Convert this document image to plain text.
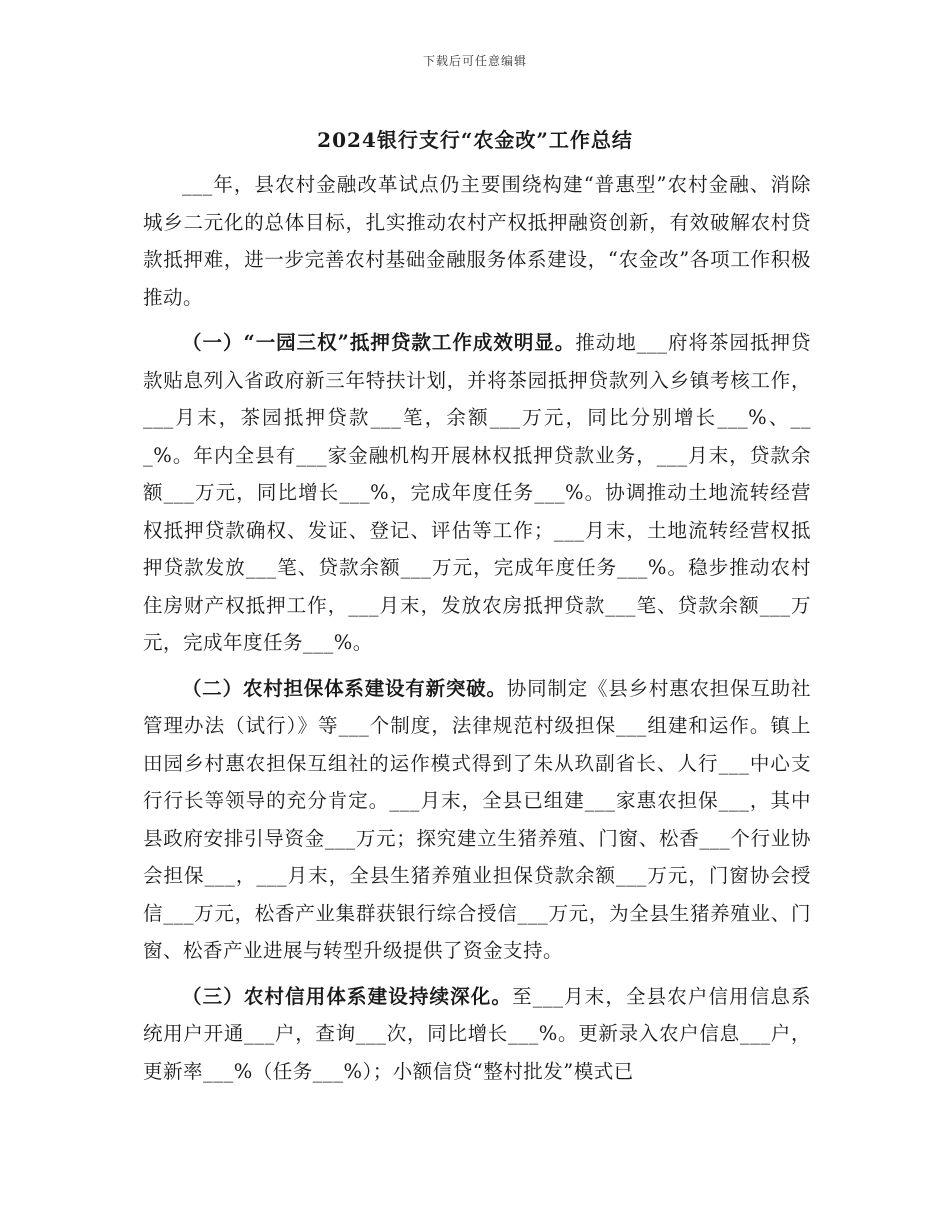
下载后可任意编辑
2024银行支行“农金改”工作总结

___年，县农村金融改革试点仍主要围绕构建“普惠型”农村金融、消除城乡二元化的总体目标，扎实推动农村产权抵押融资创新，有效破解农村贷款抵押难，进一步完善农村基础金融服务体系建设，“农金改”各项工作积极推动。

（一）“一园三权”抵押贷款工作成效明显。推动地___府将茶园抵押贷款贴息列入省政府新三年特扶计划，并将茶园抵押贷款列入乡镇考核工作，___月末，茶园抵押贷款___笔，余额___万元，同比分别增长___%、___%。年内全县有___家金融机构开展林权抵押贷款业务，___月末，贷款余额___万元，同比增长___%，完成年度任务___%。协调推动土地流转经营权抵押贷款确权、发证、登记、评估等工作；___月末，土地流转经营权抵押贷款发放___笔、贷款余额___万元，完成年度任务___%。稳步推动农村住房财产权抵押工作，___月末，发放农房抵押贷款___笔、贷款余额___万元，完成年度任务___%。

（二）农村担保体系建设有新突破。协同制定《县乡村惠农担保互助社管理办法（试行）》等___个制度，法律规范村级担保___组建和运作。镇上田园乡村惠农担保互组社的运作模式得到了朱从玖副省长、人行___中心支行行长等领导的充分肯定。___月末，全县已组建___家惠农担保___，其中县政府安排引导资金___万元；探究建立生猪养殖、门窗、松香___个行业协会担保___，___月末，全县生猪养殖业担保贷款余额___万元，门窗协会授信___万元，松香产业集群获银行综合授信___万元，为全县生猪养殖业、门窗、松香产业进展与转型升级提供了资金支持。

（三）农村信用体系建设持续深化。至___月末，全县农户信用信息系统用户开通___户，查询___次，同比增长___%。更新录入农户信息___户，更新率___%（任务___%）；小额信贷“整村批发”模式已
